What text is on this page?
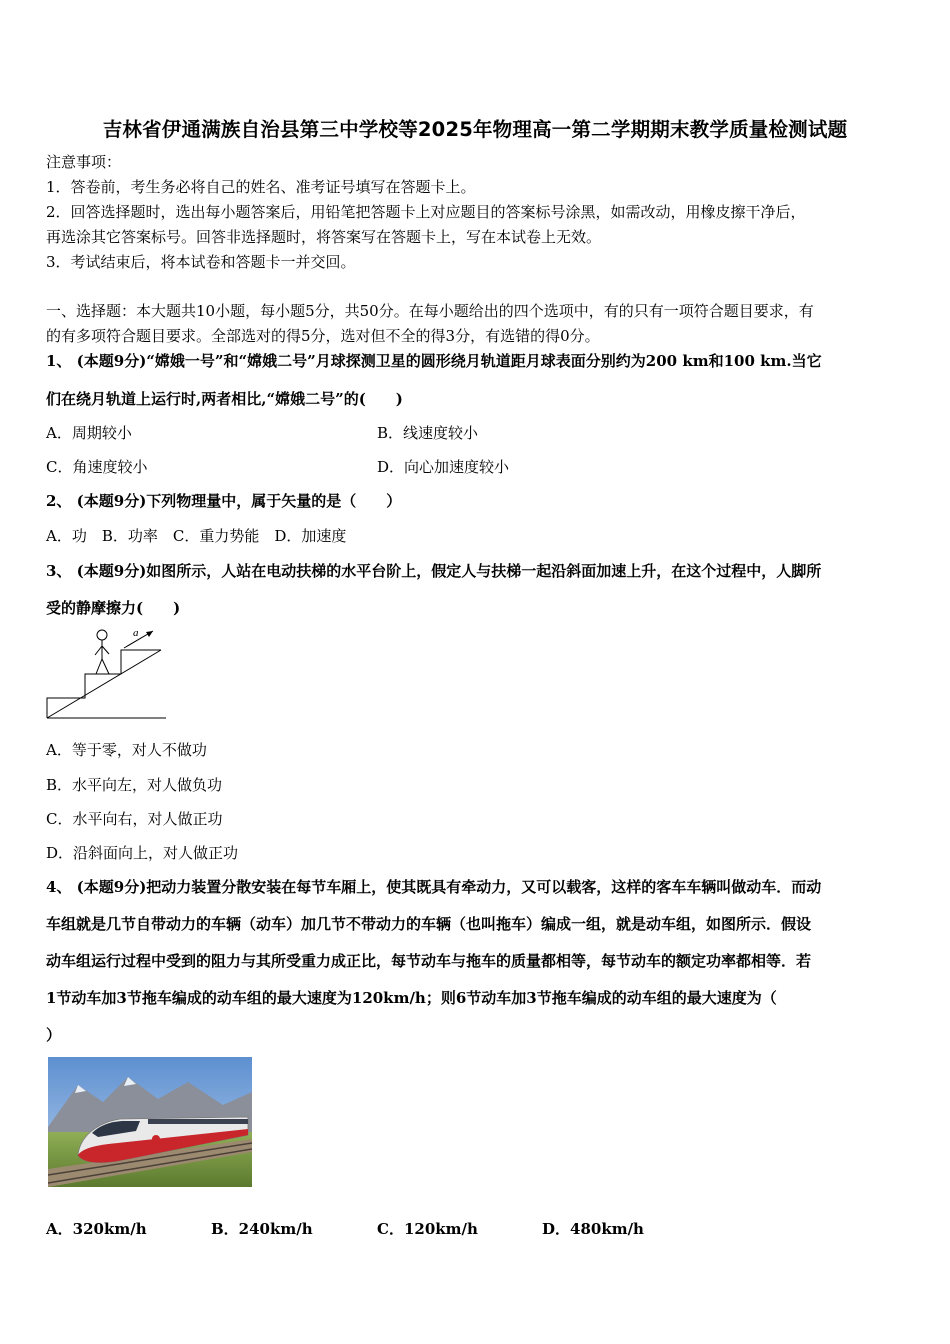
吉林省伊通满族自治县第三中学校等2025年物理高一第二学期期末教学质量检测试题
注意事项：
1．答卷前，考生务必将自己的姓名、准考证号填写在答题卡上。
2．回答选择题时，选出每小题答案后，用铅笔把答题卡上对应题目的答案标号涂黑，如需改动，用橡皮擦干净后，
再选涂其它答案标号。回答非选择题时，将答案写在答题卡上，写在本试卷上无效。
3．考试结束后，将本试卷和答题卡一并交回。
一、选择题：本大题共10小题，每小题5分，共50分。在每小题给出的四个选项中，有的只有一项符合题目要求，有
的有多项符合题目要求。全部选对的得5分，选对但不全的得3分，有选错的得0分。
1、 (本题9分)“嫦娥一号”和“嫦娥二号”月球探测卫星的圆形绕月轨道距月球表面分别约为200 km和100 km.当它
们在绕月轨道上运行时,两者相比,“嫦娥二号”的(　　)
A．周期较小	B．线速度较小
C．角速度较小	D．向心加速度较小
2、 (本题9分)下列物理量中，属于矢量的是（　　）
A．功　B．功率　C．重力势能　D．加速度
3、 (本题9分)如图所示，人站在电动扶梯的水平台阶上，假定人与扶梯一起沿斜面加速上升，在这个过程中，人脚所
受的静摩擦力(　　)
a
A．等于零，对人不做功
B．水平向左，对人做负功
C．水平向右，对人做正功
D．沿斜面向上，对人做正功
4、 (本题9分)把动力装置分散安装在每节车厢上，使其既具有牵动力，又可以载客，这样的客车车辆叫做动车．而动
车组就是几节自带动力的车辆（动车）加几节不带动力的车辆（也叫拖车）编成一组，就是动车组，如图所示．假设
动车组运行过程中受到的阻力与其所受重力成正比，每节动车与拖车的质量都相等，每节动车的额定功率都相等．若
1节动车加3节拖车编成的动车组的最大速度为120km/h；则6节动车加3节拖车编成的动车组的最大速度为（
）
A．320km/h	B．240km/h	C．120km/h	D．480km/h
